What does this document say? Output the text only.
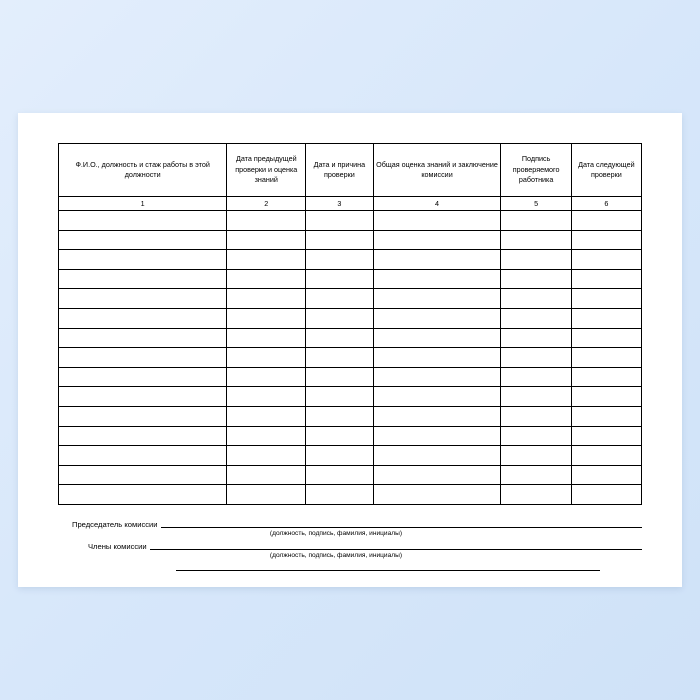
Ф.И.О., должность и стаж работы в этой должности	Дата предыдущей проверки и оценка знаний	Дата и причина проверки	Общая оценка знаний и заключение комиссии	Подпись проверяемого работника	Дата следующей проверки
1	2	3	4	5	6

Председатель комиссии
(должность, подпись, фамилия, инициалы)
Члены комиссии
(должность, подпись, фамилия, инициалы)
